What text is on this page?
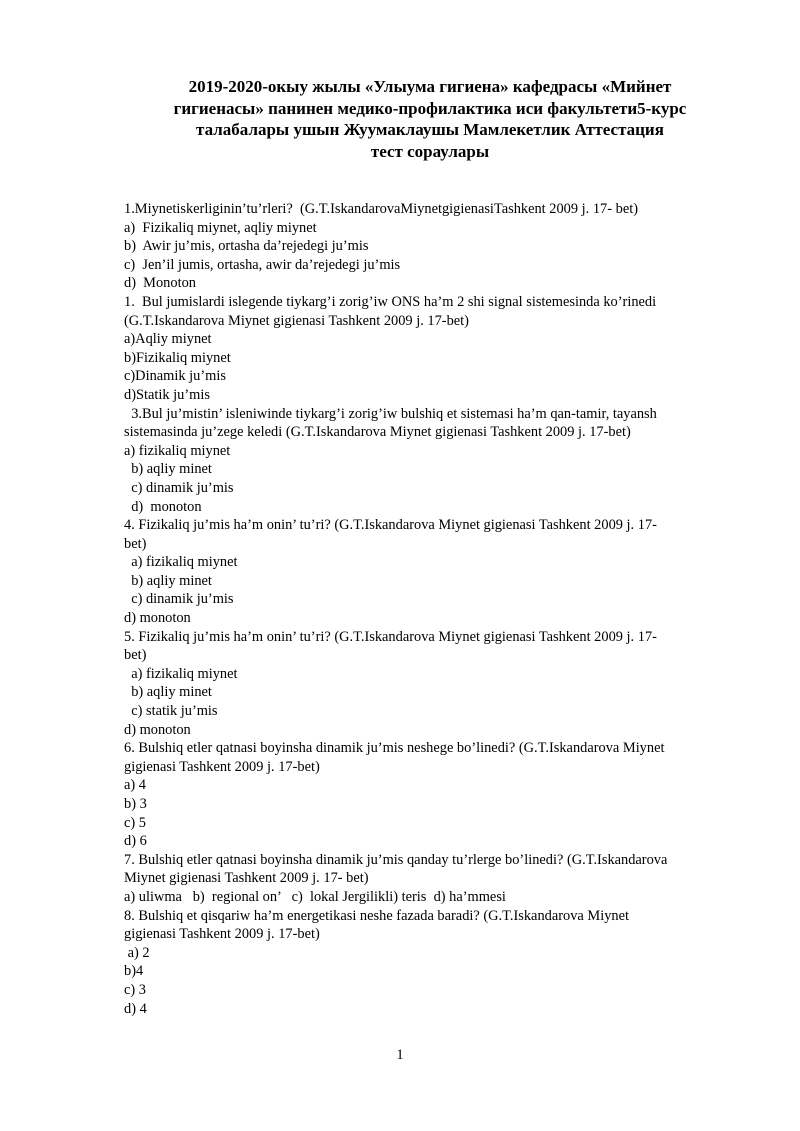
2019-2020-окыу жылы «Улыума гигиена» кафедрасы «Мийнет
гигиенасы» панинен медико-профилактика иси факультети5-курс
талабалары ушын Жуумаклаушы Мамлекетлик Аттестация
тест сораулары
1.Miynetiskerliginin’tu’rleri?  (G.T.IskandarovaMiynetgigienasiTashkent 2009 j. 17- bet)
a)  Fizikaliq miynet, aqliy miynet
b)  Awir ju’mis, ortasha da’rejedegi ju’mis
c)  Jen’il jumis, ortasha, awir da’rejedegi ju’mis
d)  Monoton
1.  Bul jumislardi islegende tiykarg’i zorig’iw ONS ha’m 2 shi signal sistemesinda ko’rinedi
(G.T.Iskandarova Miynet gigienasi Tashkent 2009 j. 17-bet)
a)Aqliy miynet
b)Fizikaliq miynet
c)Dinamik ju’mis
d)Statik ju’mis
3.Bul ju’mistin’ isleniwinde tiykarg’i zorig’iw bulshiq et sistemasi ha’m qan-tamir, tayansh
sistemasinda ju’zege keledi (G.T.Iskandarova Miynet gigienasi Tashkent 2009 j. 17-bet)
a) fizikaliq miynet
b) aqliy minet
c) dinamik ju’mis
d)  monoton
4. Fizikaliq ju’mis ha’m onin’ tu’ri? (G.T.Iskandarova Miynet gigienasi Tashkent 2009 j. 17-
bet)
a) fizikaliq miynet
b) aqliy minet
c) dinamik ju’mis
d) monoton
5. Fizikaliq ju’mis ha’m onin’ tu’ri? (G.T.Iskandarova Miynet gigienasi Tashkent 2009 j. 17-
bet)
a) fizikaliq miynet
b) aqliy minet
c) statik ju’mis
d) monoton
6. Bulshiq etler qatnasi boyinsha dinamik ju’mis neshege bo’linedi? (G.T.Iskandarova Miynet
gigienasi Tashkent 2009 j. 17-bet)
a) 4
b) 3
c) 5
d) 6
7. Bulshiq etler qatnasi boyinsha dinamik ju’mis qanday tu’rlerge bo’linedi? (G.T.Iskandarova
Miynet gigienasi Tashkent 2009 j. 17- bet)
a) uliwma   b)  regional on’   c)  lokal Jergilikli) teris  d) ha’mmesi
8. Bulshiq et qisqariw ha’m energetikasi neshe fazada baradi? (G.T.Iskandarova Miynet
gigienasi Tashkent 2009 j. 17-bet)
a) 2
b)4
c) 3
d) 4
1
